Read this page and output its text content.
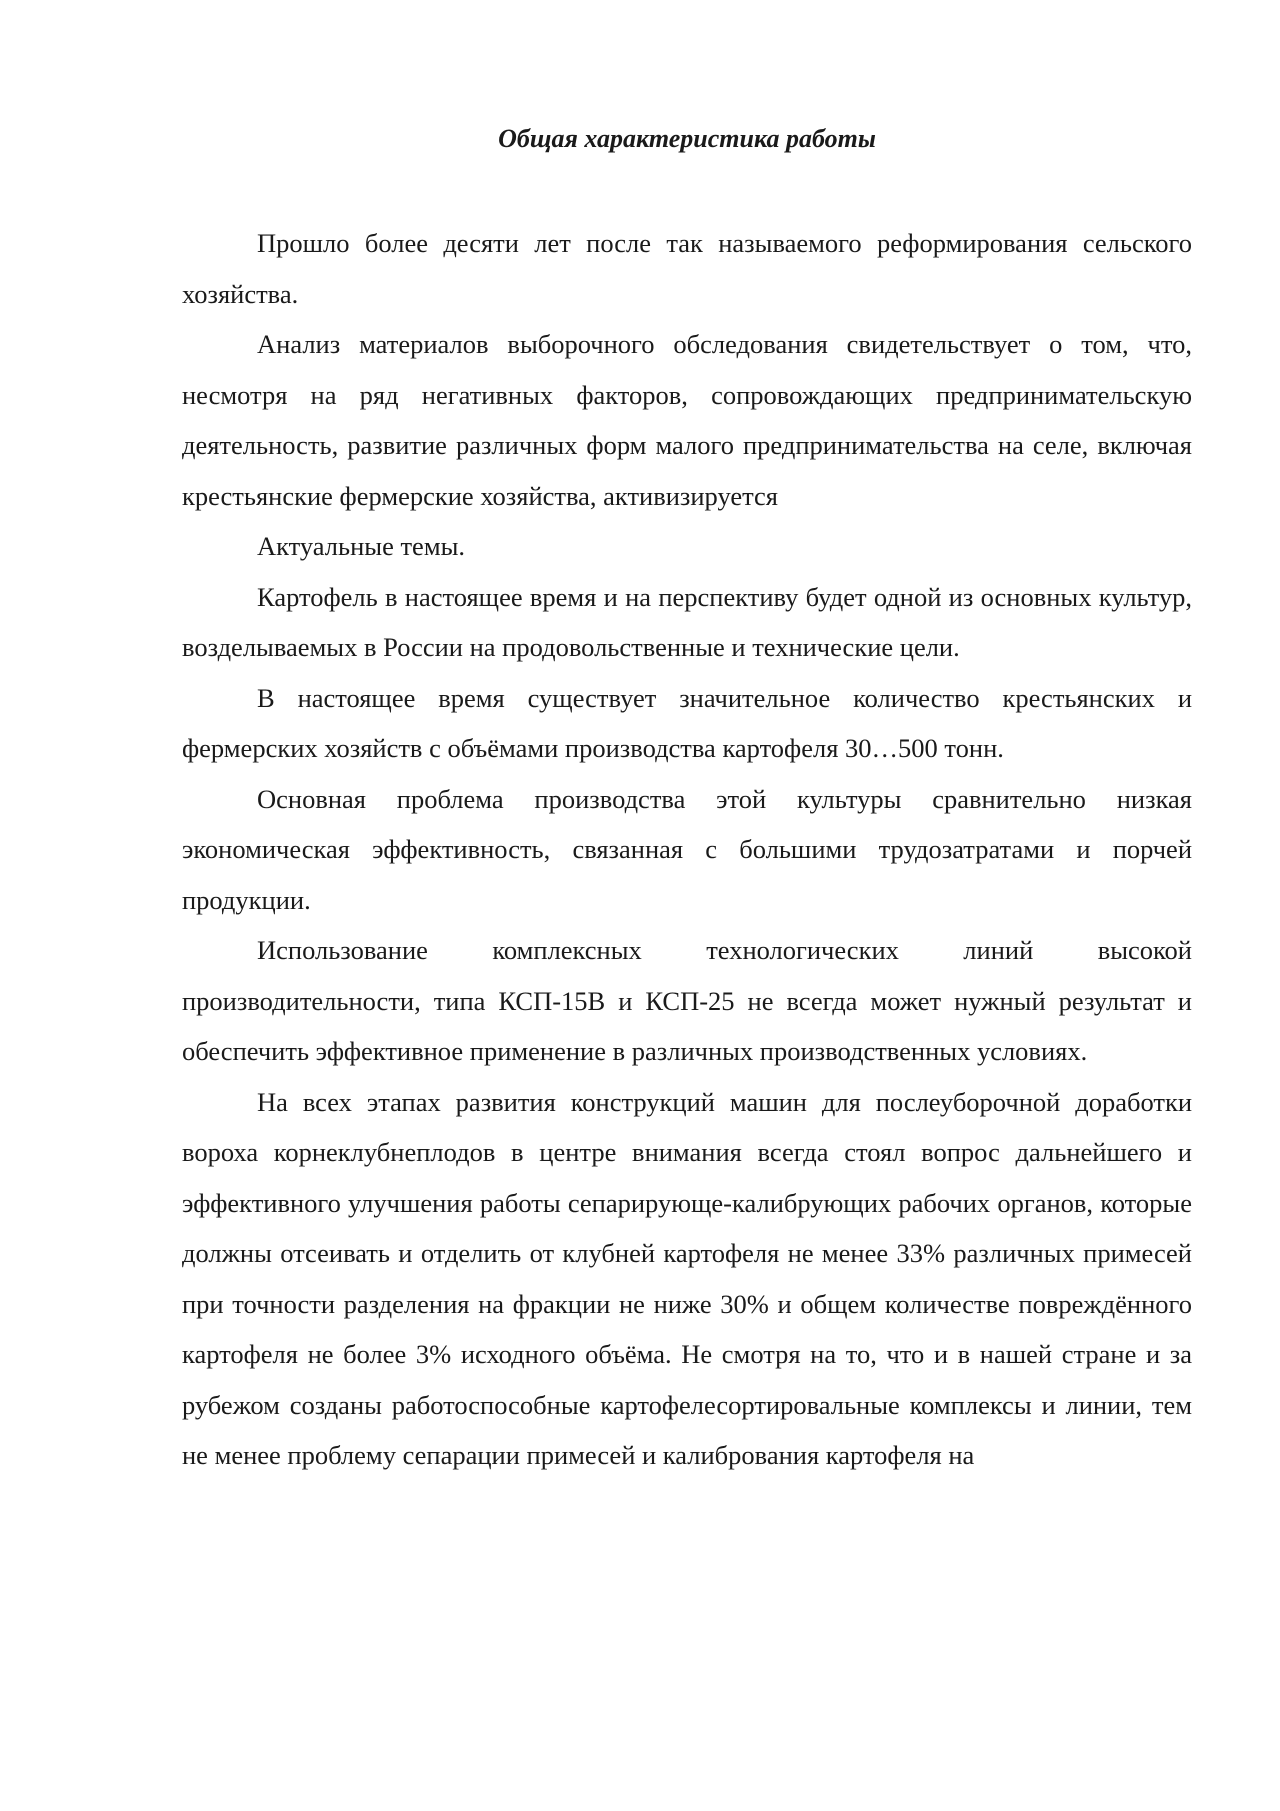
Общая характеристика работы

Прошло более десяти лет после так называемого реформирования сельского хозяйства.

Анализ материалов выборочного обследования свидетельствует о том, что, несмотря на ряд негативных факторов, сопровождающих предпринимательскую деятельность, развитие различных форм малого предпринимательства на селе, включая крестьянские фермерские хозяйства, активизируется

Актуальные темы.

Картофель в настоящее время и на перспективу будет одной из основных культур, возделываемых в России на продовольственные и технические цели.

В настоящее время существует значительное количество крестьянских и фермерских хозяйств с объёмами производства картофеля 30…500 тонн.

Основная проблема производства этой культуры сравнительно низкая экономическая эффективность, связанная с большими трудозатратами и порчей продукции.

Использование комплексных технологических линий высокой производительности, типа КСП-15В и КСП-25 не всегда может нужный результат и обеспечить эффективное применение в различных производственных условиях.

На всех этапах развития конструкций машин для послеуборочной доработки вороха корнеклубнеплодов в центре внимания всегда стоял вопрос дальнейшего и эффективного улучшения работы сепарирующе-калибрующих рабочих органов, которые должны отсеивать и отделить от клубней картофеля не менее 33% различных примесей при точности разделения на фракции не ниже 30% и общем количестве повреждённого картофеля не более 3% исходного объёма. Не смотря на то, что и в нашей стране и за рубежом созданы работоспособные картофелесортировальные комплексы и линии, тем не менее проблему сепарации примесей и калибрования картофеля на
